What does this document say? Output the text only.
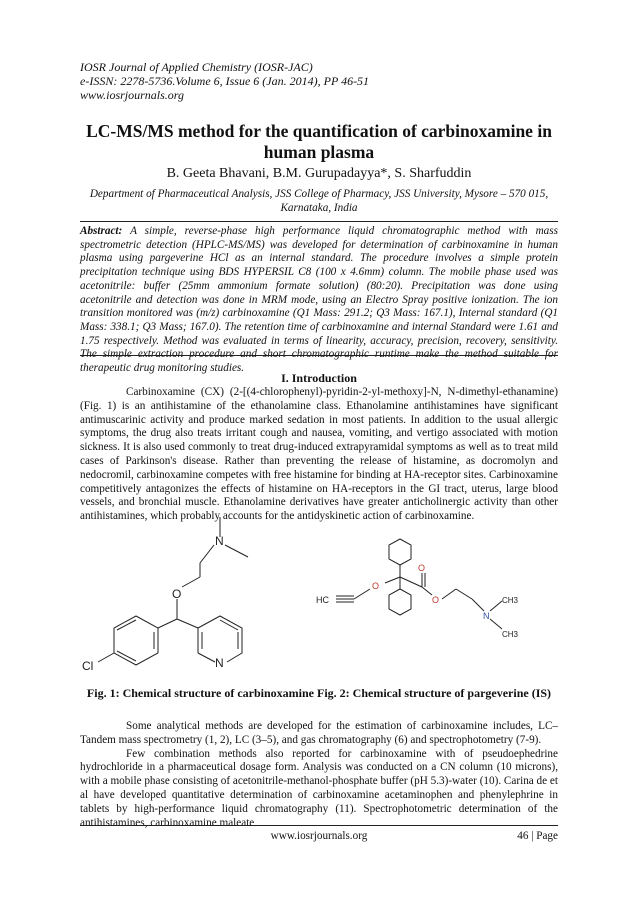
IOSR Journal of Applied Chemistry (IOSR-JAC)
e-ISSN: 2278-5736.Volume 6, Issue 6 (Jan. 2014), PP 46-51
www.iosrjournals.org
LC-MS/MS method for the quantification of carbinoxamine in human plasma
B. Geeta Bhavani, B.M. Gurupadayya*, S. Sharfuddin
Department of Pharmaceutical Analysis, JSS College of Pharmacy, JSS University, Mysore – 570 015, Karnataka, India
Abstract: A simple, reverse-phase high performance liquid chromatographic method with mass spectrometric detection (HPLC-MS/MS) was developed for determination of carbinoxamine in human plasma using pargeverine HCl as an internal standard. The procedure involves a simple protein precipitation technique using BDS HYPERSIL C8 (100 x 4.6mm) column. The mobile phase used was acetonitrile: buffer (25mm ammonium formate solution) (80:20). Precipitation was done using acetonitrile and detection was done in MRM mode, using an Electro Spray positive ionization. The ion transition monitored was (m/z) carbinoxamine (Q1 Mass: 291.2; Q3 Mass: 167.1), Internal standard (Q1 Mass: 338.1; Q3 Mass; 167.0). The retention time of carbinoxamine and internal Standard were 1.61 and 1.75 respectively. Method was evaluated in terms of linearity, accuracy, precision, recovery, sensitivity. The simple extraction procedure and short chromatographic runtime make the method suitable for therapeutic drug monitoring studies.
I. Introduction

Carbinoxamine (CX) (2-[(4-chlorophenyl)-pyridin-2-yl-methoxy]-N, N-dimethyl-ethanamine) (Fig. 1) is an antihistamine of the ethanolamine class. Ethanolamine antihistamines have significant antimuscarinic activity and produce marked sedation in most patients. In addition to the usual allergic symptoms, the drug also treats irritant cough and nausea, vomiting, and vertigo associated with motion sickness. It is also used commonly to treat drug-induced extrapyramidal symptoms as well as to treat mild cases of Parkinson's disease. Rather than preventing the release of histamine, as docromolyn and nedocromil, carbinoxamine competes with free histamine for binding at HA-receptor sites. Carbinoxamine competitively antagonizes the effects of histamine on HA-receptors in the GI tract, uterus, large blood vessels, and bronchial muscle. Ethanolamine derivatives have greater anticholinergic activity than other antihistamines, which probably accounts for the antidyskinetic action of carbinoxamine.

N
O
N
Cl
HC
O
O
O
N
CH3
CH3
Fig. 1: Chemical structure of carbinoxamine Fig. 2: Chemical structure of pargeverine (IS)

Some analytical methods are developed for the estimation of carbinoxamine includes, LC–Tandem mass spectrometry (1, 2), LC (3–5), and gas chromatography (6) and spectrophotometry (7-9).

Few combination methods also reported for carbinoxamine with of pseudoephedrine hydrochloride in a pharmaceutical dosage form. Analysis was conducted on a CN column (10 microns), with a mobile phase consisting of acetonitrile-methanol-phosphate buffer (pH 5.3)-water (10). Carina de et al have developed quantitative determination of carbinoxamine acetaminophen and phenylephrine in tablets by high-performance liquid chromatography (11). Spectrophotometric determination of the antihistamines, carbinoxamine maleate

www.iosrjournals.org	46 | Page
